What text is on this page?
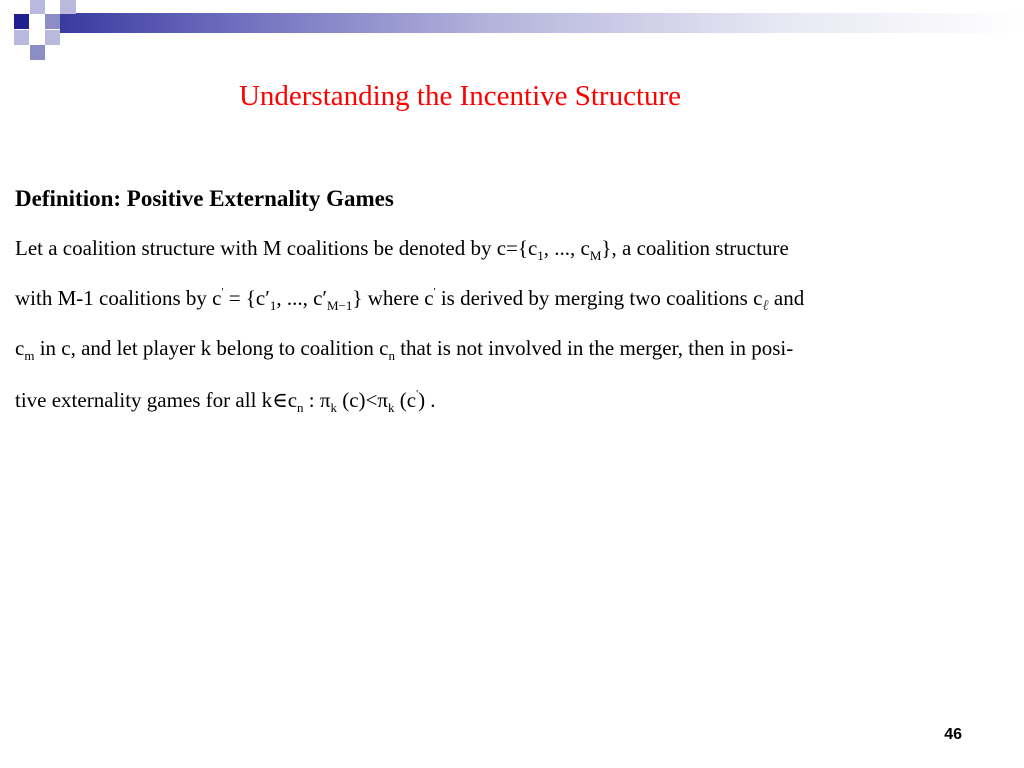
Understanding the Incentive Structure
Definition: Positive Externality Games
Let a coalition structure with M coalitions be denoted by $c=\{c_1$, ..., $c_M$}, a coalition structure
with M-1 coalitions by $c' = \{c'_1$, ..., $c'_{M-1}$} where c' is derived by merging two coalitions $c_\ell$ and
$c_m$ in c, and let player k belong to coalition $c_n$ that is not involved in the merger, then in posi-
tive externality games for all $k\in c_n$ : $\pi_k$ $(c)<\pi_k$ (c') .
46
